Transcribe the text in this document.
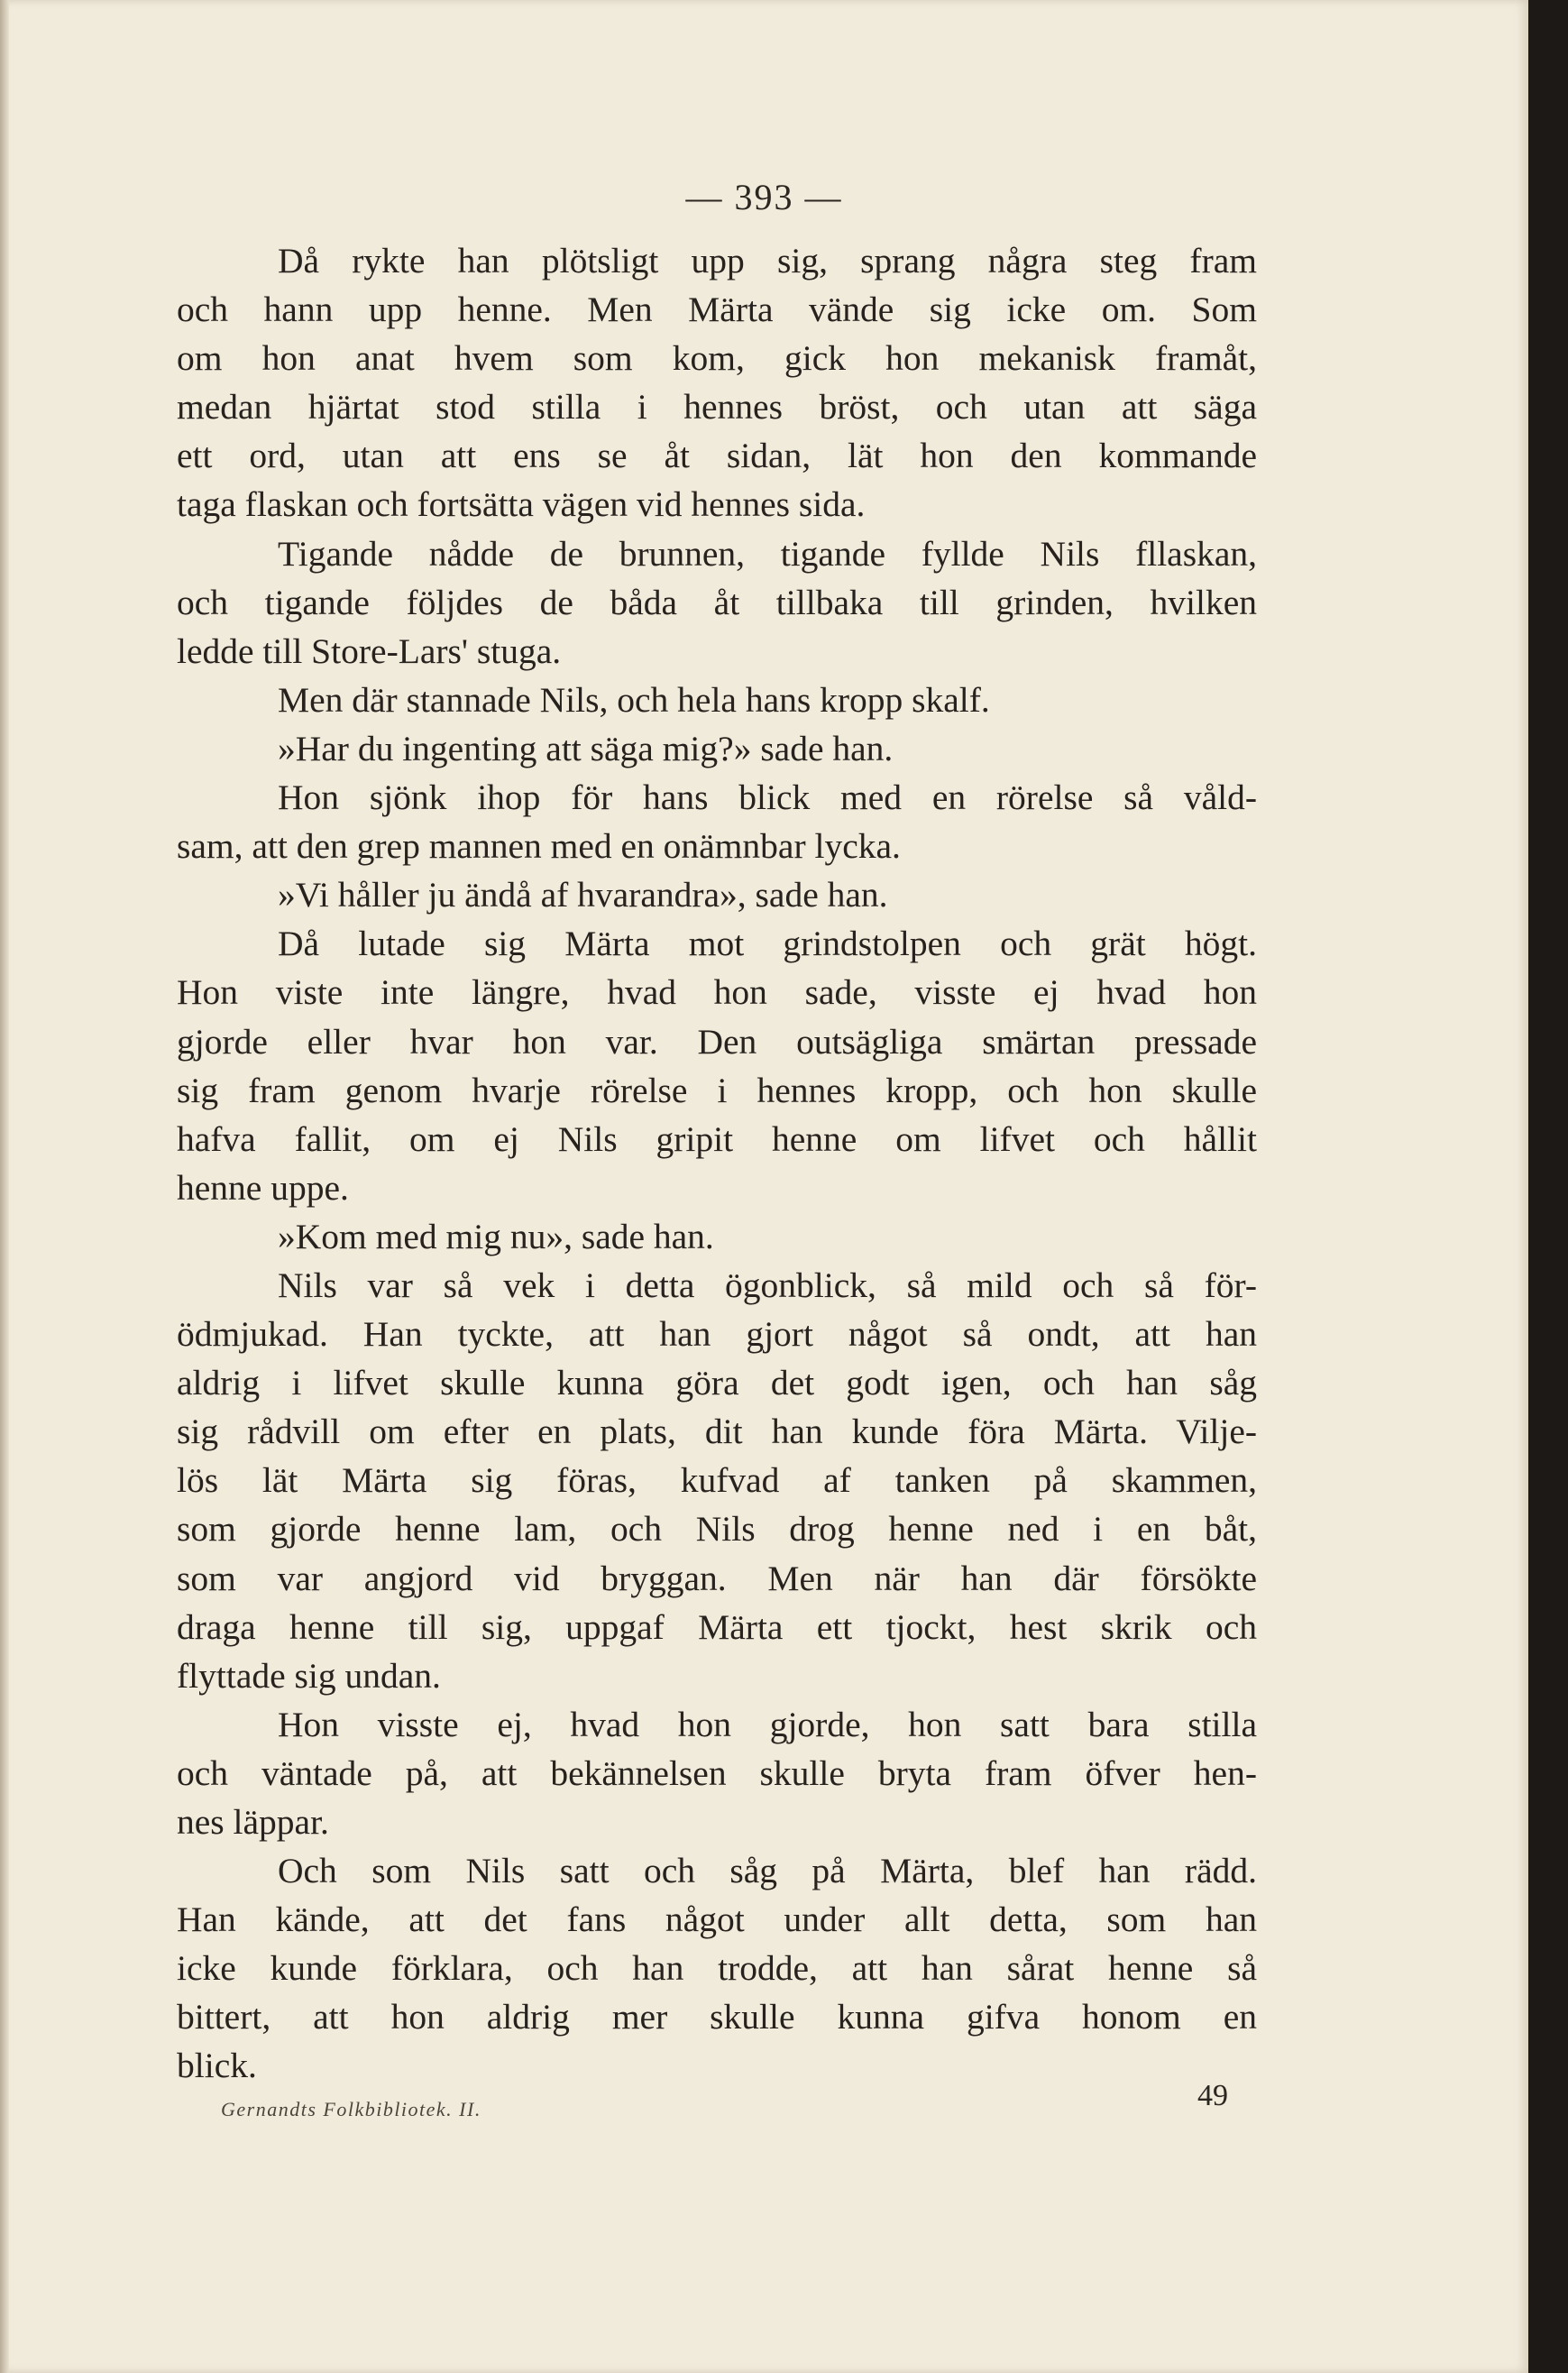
— 393 —
Då rykte han plötsligt upp sig, sprang några steg fram
och hann upp henne. Men Märta vände sig icke om. Som
om hon anat hvem som kom, gick hon mekanisk framåt,
medan hjärtat stod stilla i hennes bröst, och utan att säga
ett ord, utan att ens se åt sidan, lät hon den kommande
taga flaskan och fortsätta vägen vid hennes sida.
Tigande nådde de brunnen, tigande fyllde Nils fllaskan,
och tigande följdes de båda åt tillbaka till grinden, hvilken
ledde till Store-Lars' stuga.
Men där stannade Nils, och hela hans kropp skalf.
»Har du ingenting att säga mig?» sade han.
Hon sjönk ihop för hans blick med en rörelse så våld-
sam, att den grep mannen med en onämnbar lycka.
»Vi håller ju ändå af hvarandra», sade han.
Då lutade sig Märta mot grindstolpen och grät högt.
Hon viste inte längre, hvad hon sade, visste ej hvad hon
gjorde eller hvar hon var. Den outsägliga smärtan pressade
sig fram genom hvarje rörelse i hennes kropp, och hon skulle
hafva fallit, om ej Nils gripit henne om lifvet och hållit
henne uppe.
»Kom med mig nu», sade han.
Nils var så vek i detta ögonblick, så mild och så för-
ödmjukad. Han tyckte, att han gjort något så ondt, att han
aldrig i lifvet skulle kunna göra det godt igen, och han såg
sig rådvill om efter en plats, dit han kunde föra Märta. Vilje-
lös lät Märta sig föras, kufvad af tanken på skammen,
som gjorde henne lam, och Nils drog henne ned i en båt,
som var angjord vid bryggan. Men när han där försökte
draga henne till sig, uppgaf Märta ett tjockt, hest skrik och
flyttade sig undan.
Hon visste ej, hvad hon gjorde, hon satt bara stilla
och väntade på, att bekännelsen skulle bryta fram öfver hen-
nes läppar.
Och som Nils satt och såg på Märta, blef han rädd.
Han kände, att det fans något under allt detta, som han
icke kunde förklara, och han trodde, att han sårat henne så
bittert, att hon aldrig mer skulle kunna gifva honom en
blick.
Gernandts Folkbibliotek. II.	49
